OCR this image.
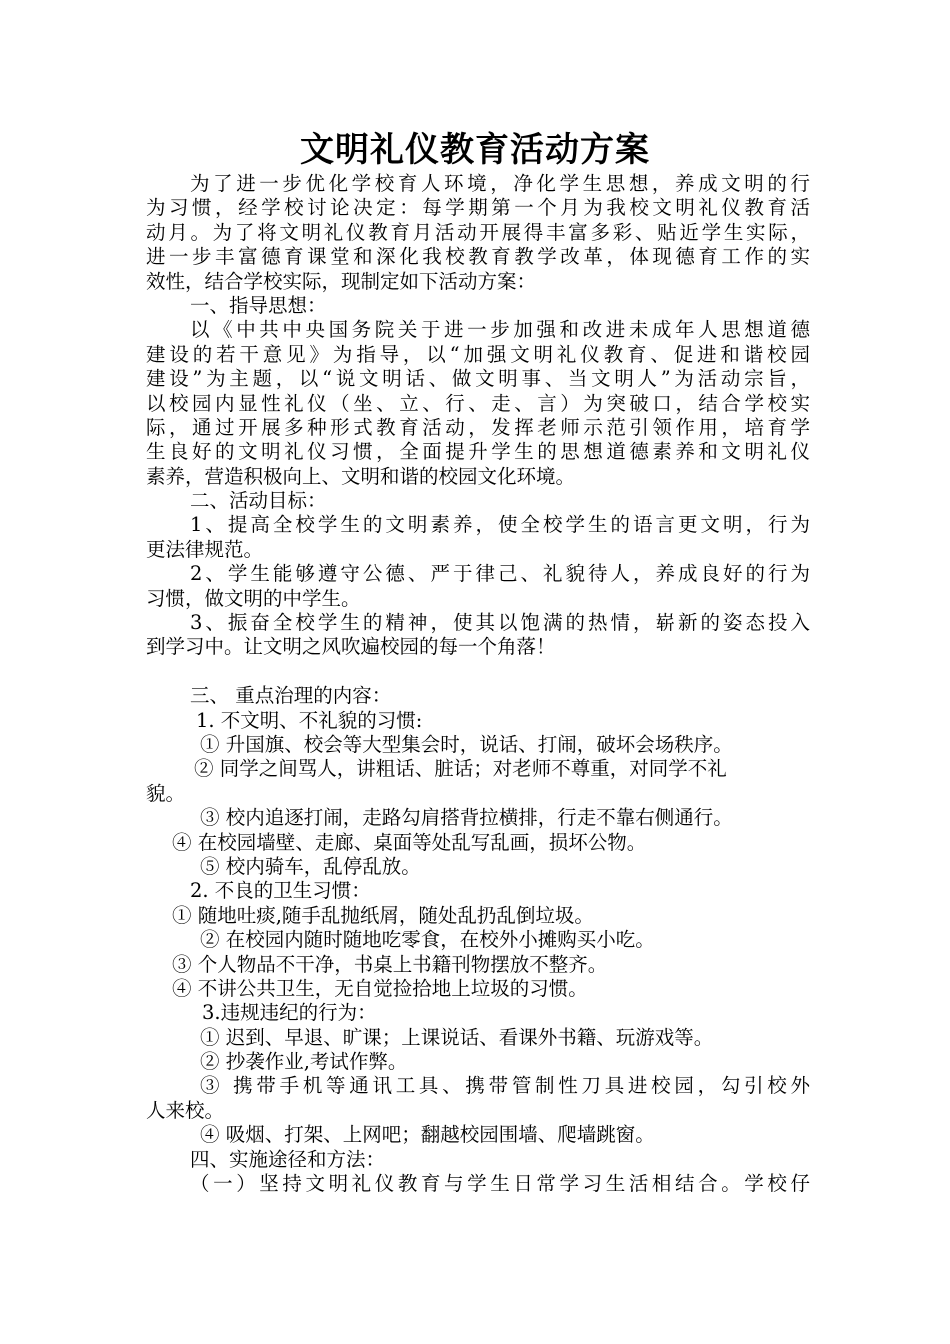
文明礼仪教育活动方案
为了进一步优化学校育人环境，净化学生思想，养成文明的行
为习惯，经学校讨论决定：每学期第一个月为我校文明礼仪教育活
动月。为了将文明礼仪教育月活动开展得丰富多彩、贴近学生实际，
进一步丰富德育课堂和深化我校教育教学改革，体现德育工作的实
效性，结合学校实际，现制定如下活动方案：
一、指导思想：
以《中共中央国务院关于进一步加强和改进未成年人思想道德
建设的若干意见》为指导，以“加强文明礼仪教育、促进和谐校园
建设”为主题，以“说文明话、做文明事、当文明人”为活动宗旨，
以校园内显性礼仪（坐、立、行、走、言）为突破口，结合学校实
际，通过开展多种形式教育活动，发挥老师示范引领作用，培育学
生良好的文明礼仪习惯，全面提升学生的思想道德素养和文明礼仪
素养，营造积极向上、文明和谐的校园文化环境。
二、活动目标：
1、提高全校学生的文明素养，使全校学生的语言更文明，行为
更法律规范。
2、学生能够遵守公德、严于律己、礼貌待人，养成良好的行为
习惯，做文明的中学生。
3、振奋全校学生的精神，使其以饱满的热情，崭新的姿态投入
到学习中。让文明之风吹遍校园的每一个角落！
三、 重点治理的内容：
1. 不文明、不礼貌的习惯:
① 升国旗、校会等大型集会时，说话、打闹，破坏会场秩序。
② 同学之间骂人，讲粗话、脏话；对老师不尊重，对同学不礼
貌。
③ 校内追逐打闹，走路勾肩搭背拉横排，行走不靠右侧通行。
④ 在校园墙壁、走廊、桌面等处乱写乱画，损坏公物。
⑤ 校内骑车，乱停乱放。
2. 不良的卫生习惯：
① 随地吐痰,随手乱抛纸屑，随处乱扔乱倒垃圾。
② 在校园内随时随地吃零食，在校外小摊购买小吃。
③ 个人物品不干净，书桌上书籍刊物摆放不整齐。
④ 不讲公共卫生，无自觉捡拾地上垃圾的习惯。
3.违规违纪的行为：
① 迟到、早退、旷课；上课说话、看课外书籍、玩游戏等。
② 抄袭作业,考试作弊。
③ 携带手机等通讯工具、携带管制性刀具进校园，勾引校外
人来校。
④ 吸烟、打架、上网吧；翻越校园围墙、爬墙跳窗。
四、实施途径和方法：
（一）坚持文明礼仪教育与学生日常学习生活相结合。学校仔
